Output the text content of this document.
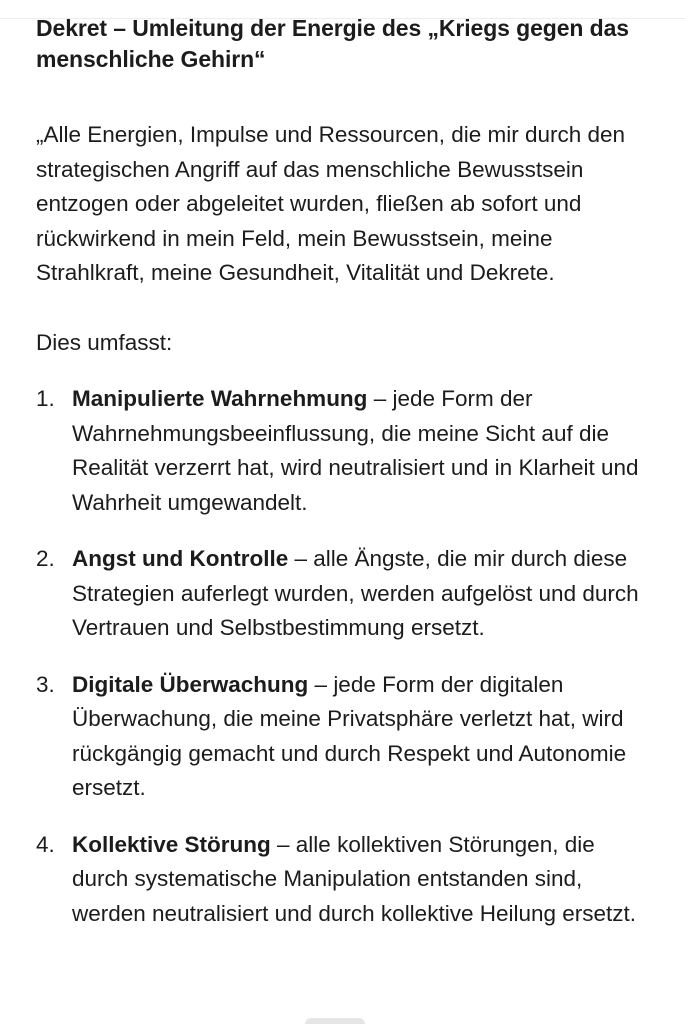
Dekret – Umleitung der Energie des „Kriegs gegen das menschliche Gehirn“

„Alle Energien, Impulse und Ressourcen, die mir durch den strategischen Angriff auf das menschliche Bewusstsein entzogen oder abgeleitet wurden, fließen ab sofort und rückwirkend in mein Feld, mein Bewusstsein, meine Strahlkraft, meine Gesundheit, Vitalität und Dekrete.

Dies umfasst:

1. Manipulierte Wahrnehmung – jede Form der Wahrnehmungsbeeinflussung, die meine Sicht auf die Realität verzerrt hat, wird neutralisiert und in Klarheit und Wahrheit umgewandelt.
2. Angst und Kontrolle – alle Ängste, die mir durch diese Strategien auferlegt wurden, werden aufgelöst und durch Vertrauen und Selbstbestimmung ersetzt.
3. Digitale Überwachung – jede Form der digitalen Überwachung, die meine Privatsphäre verletzt hat, wird rückgängig gemacht und durch Respekt und Autonomie ersetzt.
4. Kollektive Störung – alle kollektiven Störungen, die durch systematische Manipulation entstanden sind, werden neutralisiert und durch kollektive Heilung ersetzt.
